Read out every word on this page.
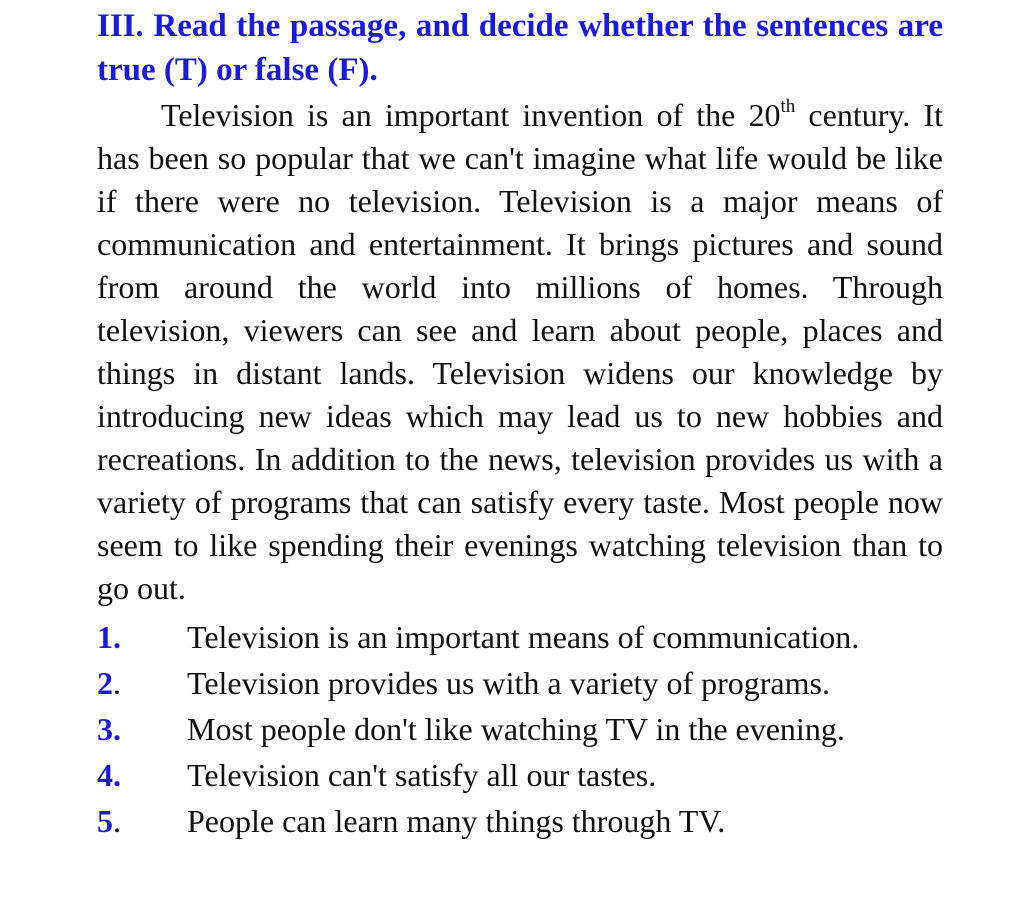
III. Read the passage, and decide whether the sentences are true (T) or false (F).

Television is an important invention of the 20th century. It has been so popular that we can't imagine what life would be like if there were no television. Television is a major means of communication and entertainment. It brings pictures and sound from around the world into millions of homes. Through television, viewers can see and learn about people, places and things in distant lands. Television widens our knowledge by introducing new ideas which may lead us to new hobbies and recreations. In addition to the news, television provides us with a variety of programs that can satisfy every taste. Most people now seem to like spending their evenings watching television than to go out.

1.	Television is an important means of communication.
2.	Television provides us with a variety of programs.
3.	Most people don't like watching TV in the evening.
4.	Television can't satisfy all our tastes.
5.	People can learn many things through TV.
